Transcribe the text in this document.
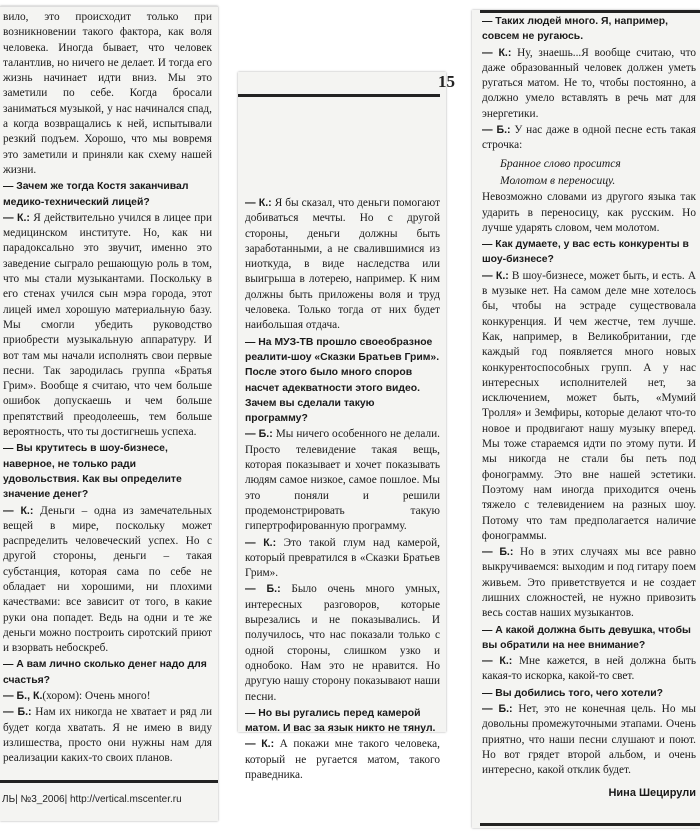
вило, это происходит только при возникновении такого фактора, как воля человека. Иногда бывает, что человек талантлив, но ничего не делает. И тогда его жизнь начинает идти вниз. Мы это заметили по себе. Когда бросали заниматься музыкой, у нас начинался спад, а когда возвращались к ней, испытывали резкий подъем. Хорошо, что мы вовремя это заметили и приняли как схему нашей жизни.

— Зачем же тогда Костя заканчивал медико-технический лицей?

— К.: Я действительно учился в лицее при медицинском институте. Но, как ни парадоксально это звучит, именно это заведение сыграло решающую роль в том, что мы стали музыкантами. Поскольку в его стенах учился сын мэра города, этот лицей имел хорошую материальную базу. Мы смогли убедить руководство приобрести музыкальную аппаратуру. И вот там мы начали исполнять свои первые песни. Так зародилась группа «Братья Грим». Вообще я считаю, что чем больше ошибок допускаешь и чем больше препятствий преодолеешь, тем больше вероятность, что ты достигнешь успеха.

— Вы крутитесь в шоу-бизнесе, наверное, не только ради удовольствия. Как вы определите значение денег?

— К.: Деньги – одна из замечательных вещей в мире, поскольку может распределить человеческий успех. Но с другой стороны, деньги – такая субстанция, которая сама по себе не обладает ни хорошими, ни плохими качествами: все зависит от того, в какие руки она попадет. Ведь на одни и те же деньги можно построить сиротский приют и взорвать небоскреб.

— А вам лично сколько денег надо для счастья?

— Б., К.(хором): Очень много!

— Б.: Нам их никогда не хватает и ряд ли будет когда хватать. Я не имею в виду излишества, просто они нужны нам для реализации каких-то своих планов.

ЛЬ| №3_2006| http://vertical.mscenter.ru
15

— К.: Я бы сказал, что деньги помогают добиваться мечты. Но с другой стороны, деньги должны быть заработанными, а не свалившимися из ниоткуда, в виде наследства или выигрыша в лотерею, например. К ним должны быть приложены воля и труд человека. Только тогда от них будет наибольшая отдача.

— На МУЗ-ТВ прошло своеобразное реалити-шоу «Сказки Братьев Грим». После этого было много споров насчет адекватности этого видео. Зачем вы сделали такую программу?

— Б.: Мы ничего особенного не делали. Просто телевидение такая вещь, которая показывает и хочет показывать людям самое низкое, самое пошлое. Мы это поняли и решили продемонстрировать такую гипертрофированную программу.

— К.: Это такой глум над камерой, который превратился в «Сказки Братьев Грим».

— Б.: Было очень много умных, интересных разговоров, которые вырезались и не показывались. И получилось, что нас показали только с одной стороны, слишком узко и однобоко. Нам это не нравится. Но другую нашу сторону показывают наши песни.

— Но вы ругались перед камерой матом. И вас за язык никто не тянул.

— К.: А покажи мне такого человека, который не ругается матом, такого праведника.

— Таких людей много. Я, например, совсем не ругаюсь.

— К.: Ну, знаешь...Я вообще считаю, что даже образованный человек должен уметь ругаться матом. Не то, чтобы постоянно, а должно умело вставлять в речь мат для энергетики.

— Б.: У нас даже в одной песне есть такая строчка:

Бранное слово просится

Молотом в переносицу.

Невозможно словами из другого языка так ударить в переносицу, как русским. Но лучше ударять словом, чем молотом.

— Как думаете, у вас есть конкуренты в шоу-бизнесе?

— К.: В шоу-бизнесе, может быть, и есть. А в музыке нет. На самом деле мне хотелось бы, чтобы на эстраде существовала конкуренция. И чем жестче, тем лучше. Как, например, в Великобритании, где каждый год появляется много новых конкурентоспособных групп. А у нас интересных исполнителей нет, за исключением, может быть, «Мумий Тролля» и Земфиры, которые делают что-то новое и продвигают нашу музыку вперед. Мы тоже стараемся идти по этому пути. И мы никогда не стали бы петь под фонограмму. Это вне нашей эстетики. Поэтому нам иногда приходится очень тяжело с телевидением на разных шоу. Потому что там предполагается наличие фонограммы.

— Б.: Но в этих случаях мы все равно выкручиваемся: выходим и под гитару поем живьем. Это приветствуется и не создает лишних сложностей, не нужно привозить весь состав наших музыкантов.

— А какой должна быть девушка, чтобы вы обратили на нее внимание?

— К.: Мне кажется, в ней должна быть какая-то искорка, какой-то свет.

— Вы добились того, чего хотели?

— Б.: Нет, это не конечная цель. Но мы довольны промежуточными этапами. Очень приятно, что наши песни слушают и поют. Но вот грядет второй альбом, и очень интересно, какой отклик будет.

Нина Шецирули
